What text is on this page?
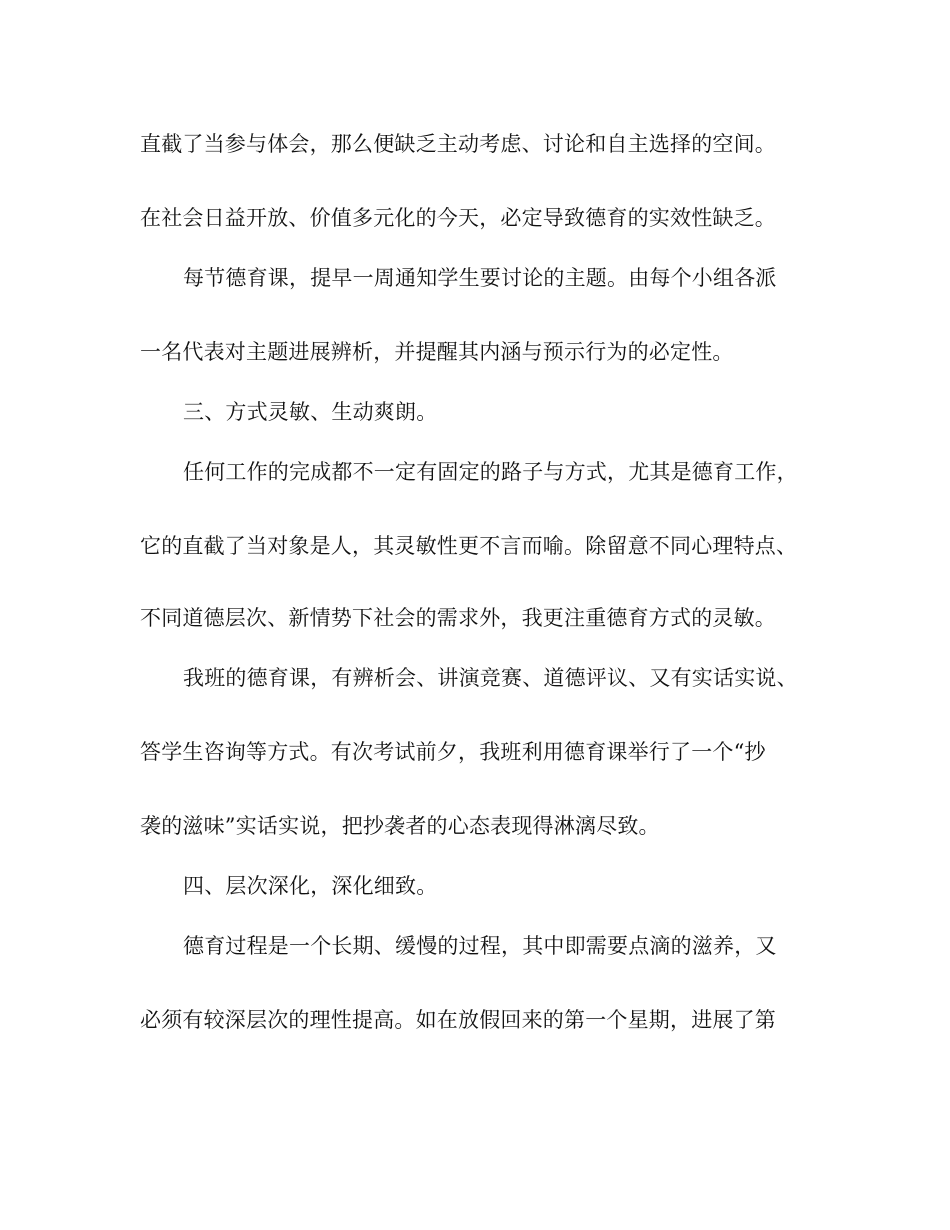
直截了当参与体会，那么便缺乏主动考虑、讨论和自主选择的空间。
在社会日益开放、价值多元化的今天，必定导致德育的实效性缺乏。
每节德育课，提早一周通知学生要讨论的主题。由每个小组各派
一名代表对主题进展辨析，并提醒其内涵与预示行为的必定性。
三、方式灵敏、生动爽朗。
任何工作的完成都不一定有固定的路子与方式，尤其是德育工作，
它的直截了当对象是人，其灵敏性更不言而喻。除留意不同心理特点、
不同道德层次、新情势下社会的需求外，我更注重德育方式的灵敏。
我班的德育课，有辨析会、讲演竞赛、道德评议、又有实话实说、
答学生咨询等方式。有次考试前夕，我班利用德育课举行了一个“抄
袭的滋味”实话实说，把抄袭者的心态表现得淋漓尽致。
四、层次深化，深化细致。
德育过程是一个长期、缓慢的过程，其中即需要点滴的滋养，又
必须有较深层次的理性提高。如在放假回来的第一个星期，进展了第
